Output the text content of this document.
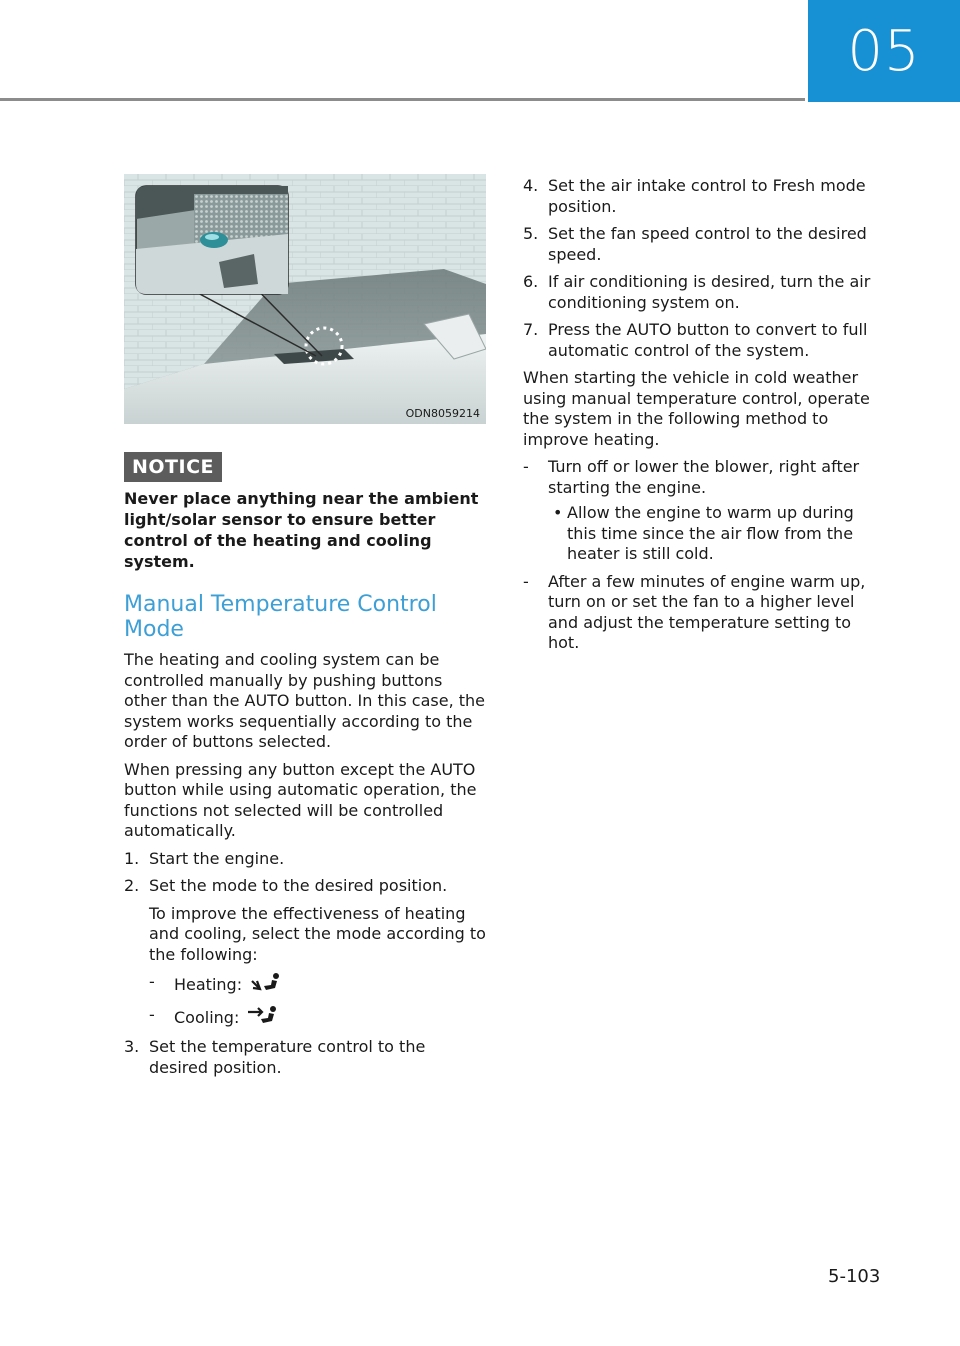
05
ODN8059214
NOTICE

Never place anything near the ambient light/solar sensor to ensure better control of the heating and cooling system.

Manual Temperature Control Mode

The heating and cooling system can be controlled manually by pushing buttons other than the AUTO button. In this case, the system works sequentially according to the order of buttons selected.

When pressing any button except the AUTO button while using automatic operation, the functions not selected will be controlled automatically.

1. Start the engine.
2. Set the mode to the desired position.

To improve the effectiveness of heating and cooling, select the mode according to the following:

- Heating:
- Cooling:
3. Set the temperature control to the desired position.
4. Set the air intake control to Fresh mode position.
5. Set the fan speed control to the desired speed.
6. If air conditioning is desired, turn the air conditioning system on.
7. Press the AUTO button to convert to full automatic control of the system.

When starting the vehicle in cold weather using manual temperature control, operate the system in the following method to improve heating.

- Turn off or lower the blower, right after starting the engine.
• Allow the engine to warm up during this time since the air flow from the heater is still cold.
- After a few minutes of engine warm up, turn on or set the fan to a higher level and adjust the temperature setting to hot.
5-103
